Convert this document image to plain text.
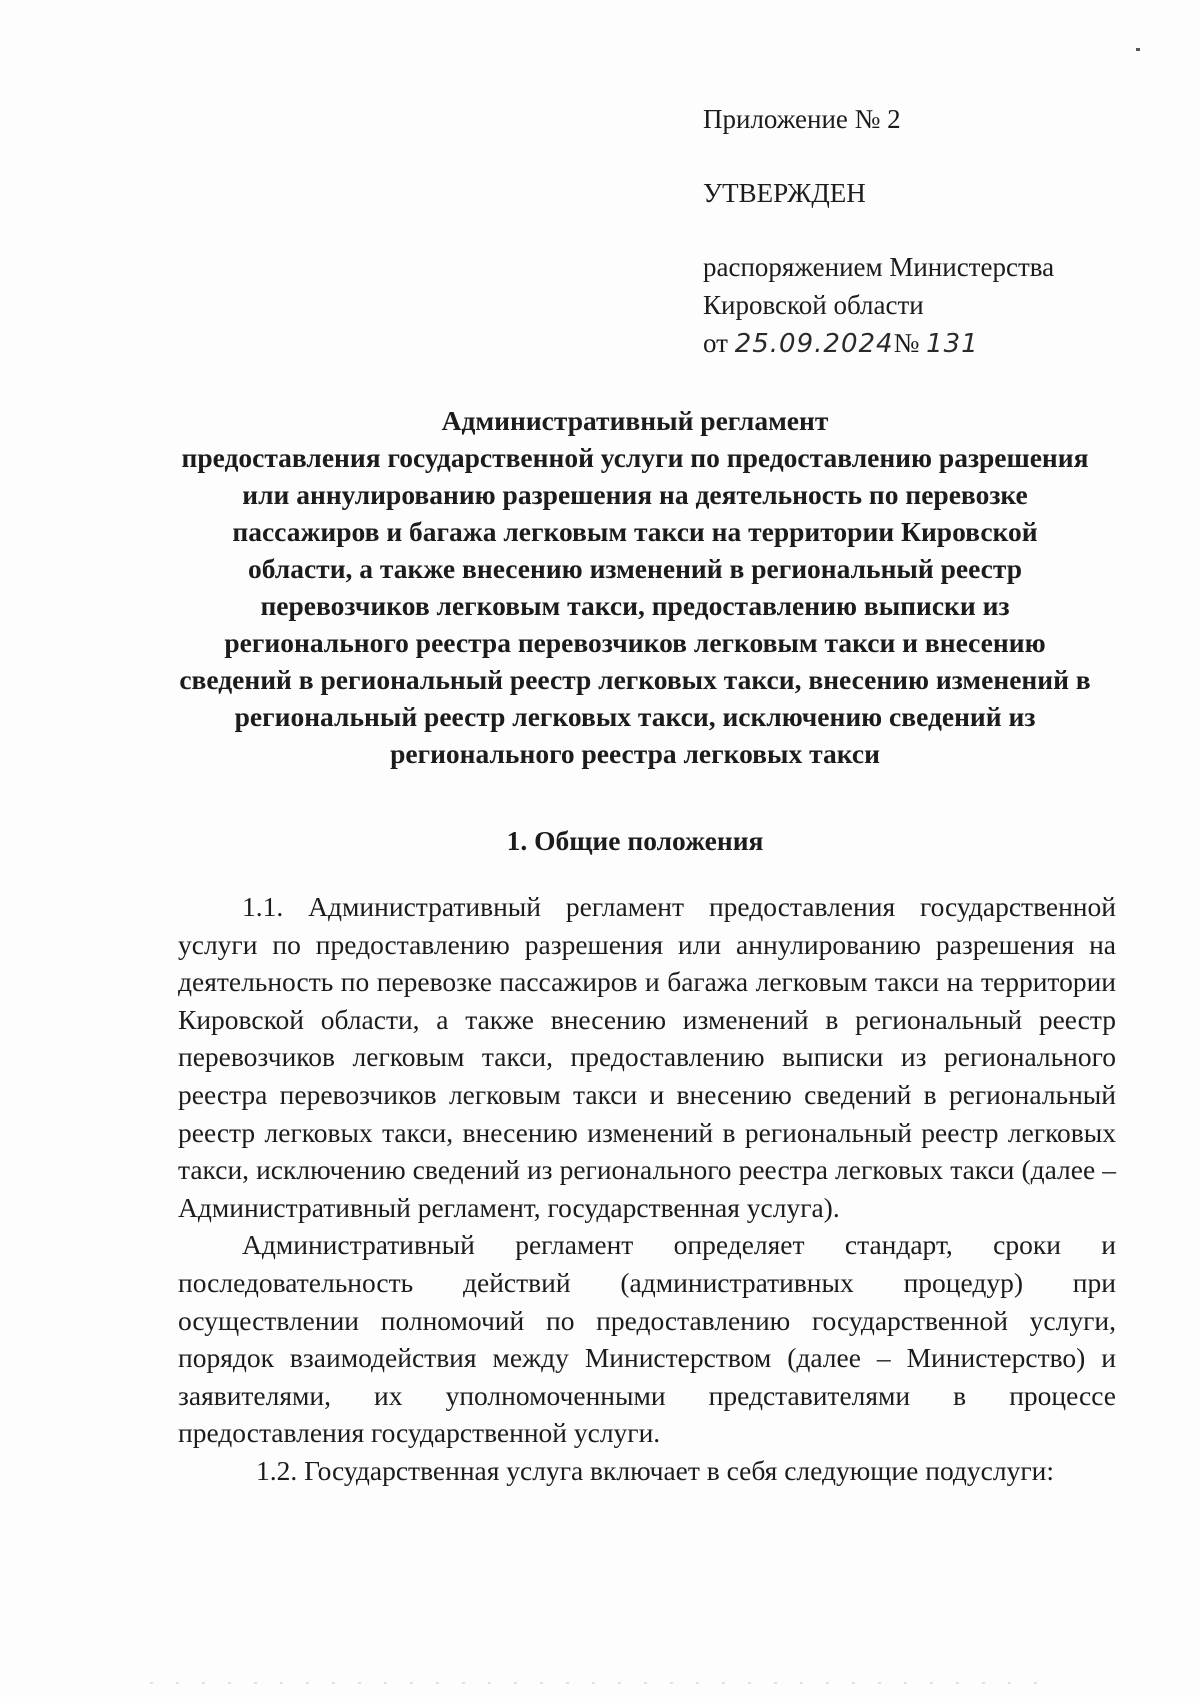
Приложение № 2
УТВЕРЖДЕН
распоряжением Министерства
Кировской области
от 25.09.2024№ 131
Административный регламент
предоставления государственной услуги по предоставлению разрешения
или аннулированию разрешения на деятельность по перевозке
пассажиров и багажа легковым такси на территории Кировской
области, а также внесению изменений в региональный реестр
перевозчиков легковым такси, предоставлению выписки из
регионального реестра перевозчиков легковым такси и внесению
сведений в региональный реестр легковых такси, внесению изменений в
региональный реестр легковых такси, исключению сведений из
регионального реестра легковых такси
1. Общие положения

1.1. Административный регламент предоставления государственной услуги по предоставлению разрешения или аннулированию разрешения на деятельность по перевозке пассажиров и багажа легковым такси на территории Кировской области, а также внесению изменений в региональный реестр перевозчиков легковым такси, предоставлению выписки из регионального реестра перевозчиков легковым такси и внесению сведений в региональный реестр легковых такси, внесению изменений в региональный реестр легковых такси, исключению сведений из регионального реестра легковых такси (далее – Административный регламент, государственная услуга).

Административный регламент определяет стандарт, сроки и последовательность действий (административных процедур) при осуществлении полномочий по предоставлению государственной услуги, порядок взаимодействия между Министерством (далее – Министерство) и заявителями, их уполномоченными представителями в процессе предоставления государственной услуги.

1.2. Государственная услуга включает в себя следующие подуслуги:
